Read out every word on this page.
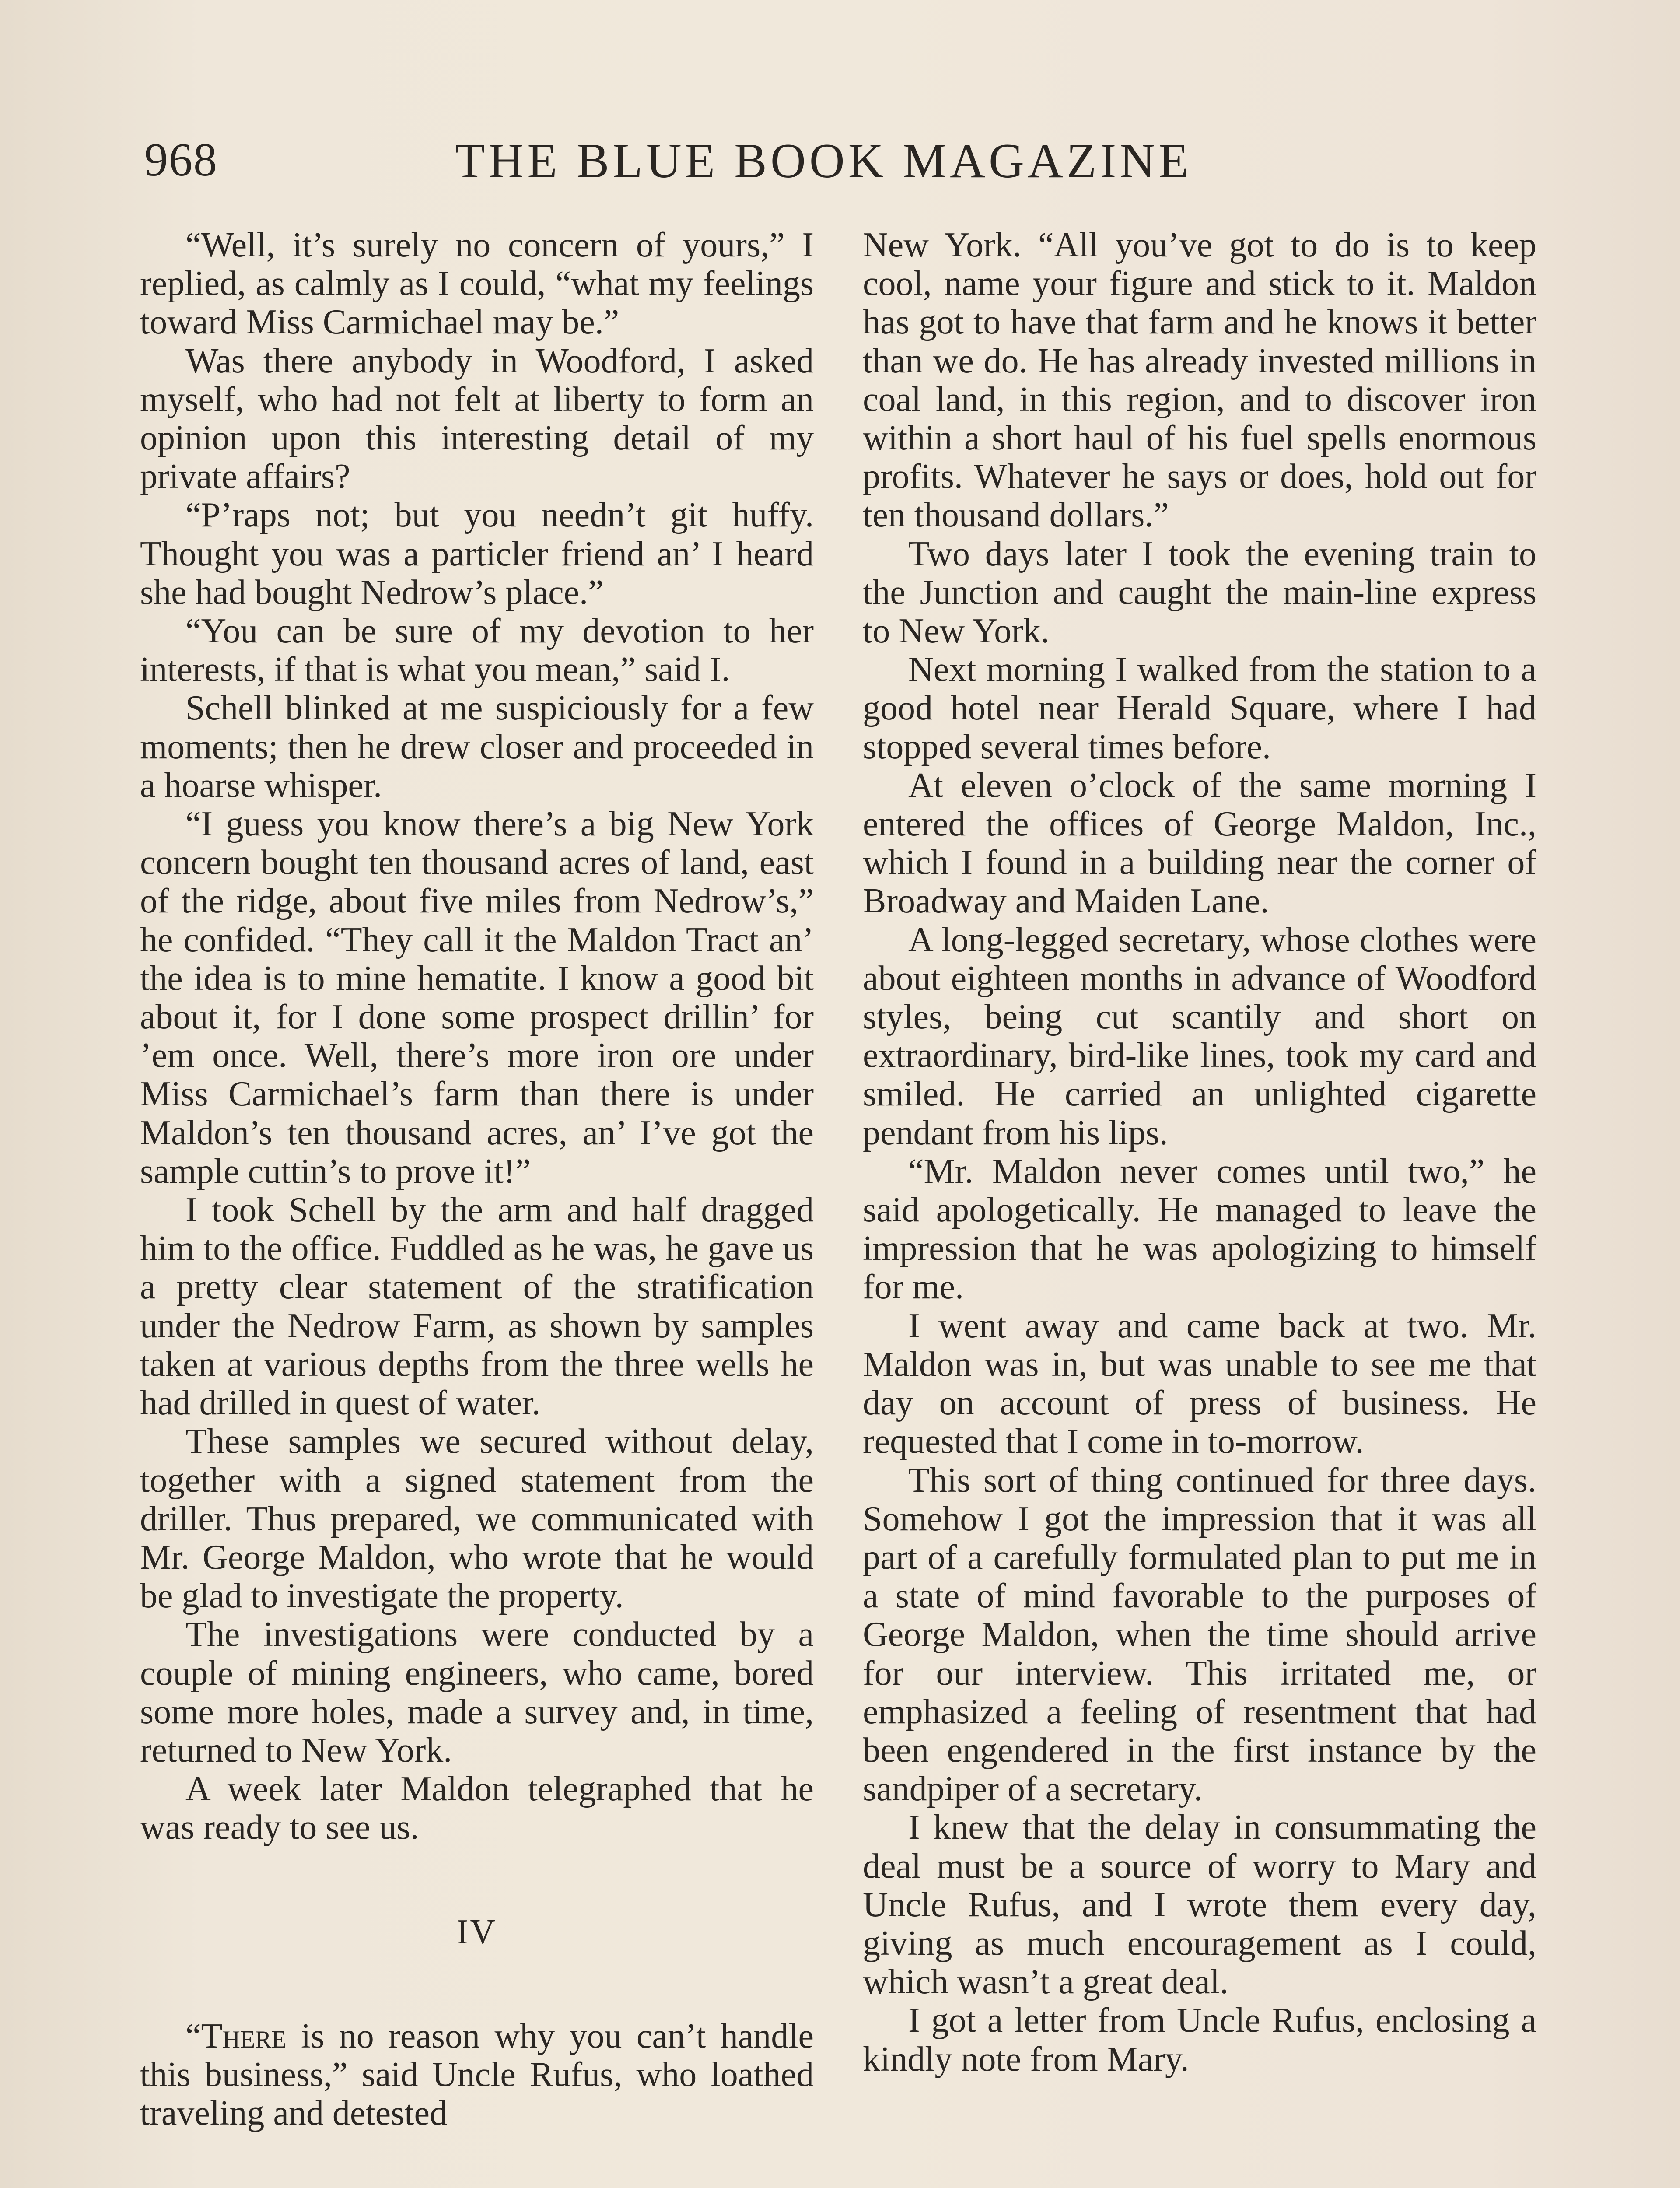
968	THE BLUE BOOK MAGAZINE

“Well, it’s surely no concern of yours,” I replied, as calmly as I could, “what my feelings toward Miss Carmichael may be.”

Was there anybody in Woodford, I asked myself, who had not felt at liberty to form an opinion upon this interesting detail of my private affairs?

“P’raps not; but you needn’t git huffy. Thought you was a particler friend an’ I heard she had bought Nedrow’s place.”

“You can be sure of my devotion to her interests, if that is what you mean,” said I.

Schell blinked at me suspiciously for a few moments; then he drew closer and proceeded in a hoarse whisper.

“I guess you know there’s a big New York concern bought ten thousand acres of land, east of the ridge, about five miles from Nedrow’s,” he confided. “They call it the Maldon Tract an’ the idea is to mine hematite. I know a good bit about it, for I done some prospect drillin’ for ’em once. Well, there’s more iron ore under Miss Carmichael’s farm than there is under Maldon’s ten thousand acres, an’ I’ve got the sample cuttin’s to prove it!”

I took Schell by the arm and half dragged him to the office. Fuddled as he was, he gave us a pretty clear statement of the stratification under the Nedrow Farm, as shown by samples taken at various depths from the three wells he had drilled in quest of water.

These samples we secured without delay, together with a signed statement from the driller. Thus prepared, we communicated with Mr. George Maldon, who wrote that he would be glad to investigate the property.

The investigations were conducted by a couple of mining engineers, who came, bored some more holes, made a survey and, in time, returned to New York.

A week later Maldon telegraphed that he was ready to see us.

IV

“There is no reason why you can’t handle this business,” said Uncle Rufus, who loathed traveling and detested

New York. “All you’ve got to do is to keep cool, name your figure and stick to it. Maldon has got to have that farm and he knows it better than we do. He has already invested millions in coal land, in this region, and to discover iron within a short haul of his fuel spells enormous profits. Whatever he says or does, hold out for ten thousand dollars.”

Two days later I took the evening train to the Junction and caught the main-line express to New York.

Next morning I walked from the station to a good hotel near Herald Square, where I had stopped several times before.

At eleven o’clock of the same morning I entered the offices of George Maldon, Inc., which I found in a building near the corner of Broadway and Maiden Lane.

A long-legged secretary, whose clothes were about eighteen months in advance of Woodford styles, being cut scantily and short on extraordinary, bird-like lines, took my card and smiled. He carried an unlighted cigarette pendant from his lips.

“Mr. Maldon never comes until two,” he said apologetically. He managed to leave the impression that he was apologizing to himself for me.

I went away and came back at two. Mr. Maldon was in, but was unable to see me that day on account of press of business. He requested that I come in to-morrow.

This sort of thing continued for three days. Somehow I got the impression that it was all part of a carefully formulated plan to put me in a state of mind favorable to the purposes of George Maldon, when the time should arrive for our interview. This irritated me, or emphasized a feeling of resentment that had been engendered in the first instance by the sandpiper of a secretary.

I knew that the delay in consummating the deal must be a source of worry to Mary and Uncle Rufus, and I wrote them every day, giving as much encouragement as I could, which wasn’t a great deal.

I got a letter from Uncle Rufus, enclosing a kindly note from Mary.
